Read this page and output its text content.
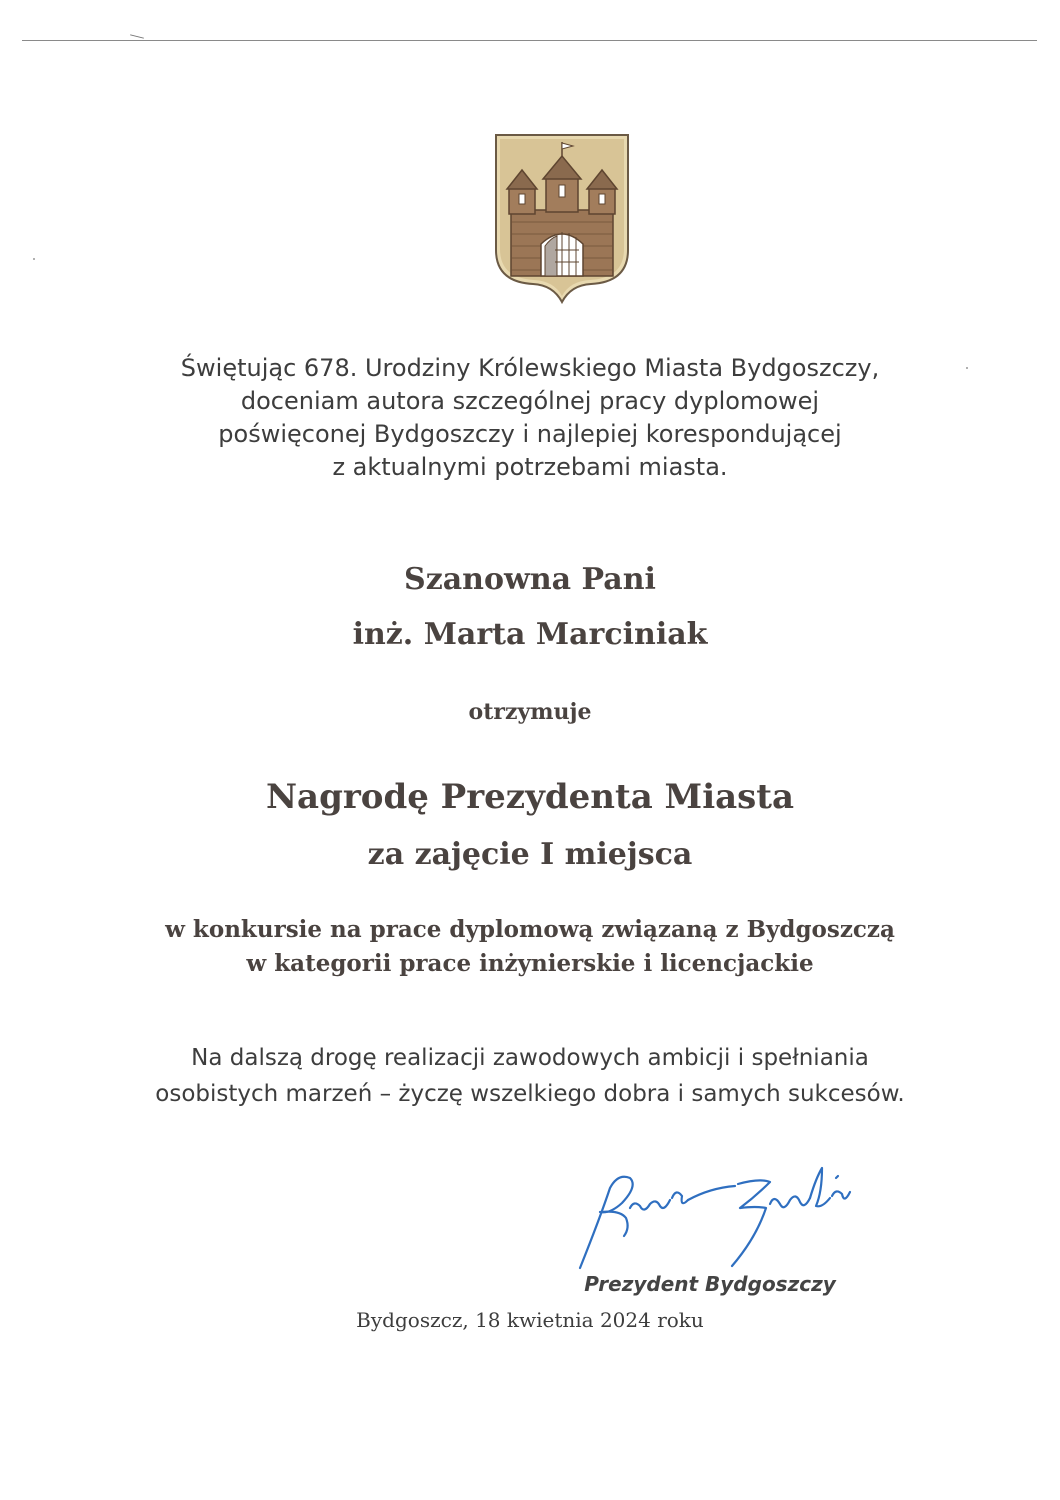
Świętując 678. Urodziny Królewskiego Miasta Bydgoszczy,
doceniam autora szczególnej pracy dyplomowej
poświęconej Bydgoszczy i najlepiej korespondującej
z aktualnymi potrzebami miasta.
Szanowna Pani
inż. Marta Marciniak
otrzymuje
Nagrodę Prezydenta Miasta
za zajęcie I miejsca
w konkursie na prace dyplomową związaną z Bydgoszczą
w kategorii prace inżynierskie i licencjackie
Na dalszą drogę realizacji zawodowych ambicji i spełniania
osobistych marzeń – życzę wszelkiego dobra i samych sukcesów.
Prezydent Bydgoszczy
Bydgoszcz, 18 kwietnia 2024 roku
